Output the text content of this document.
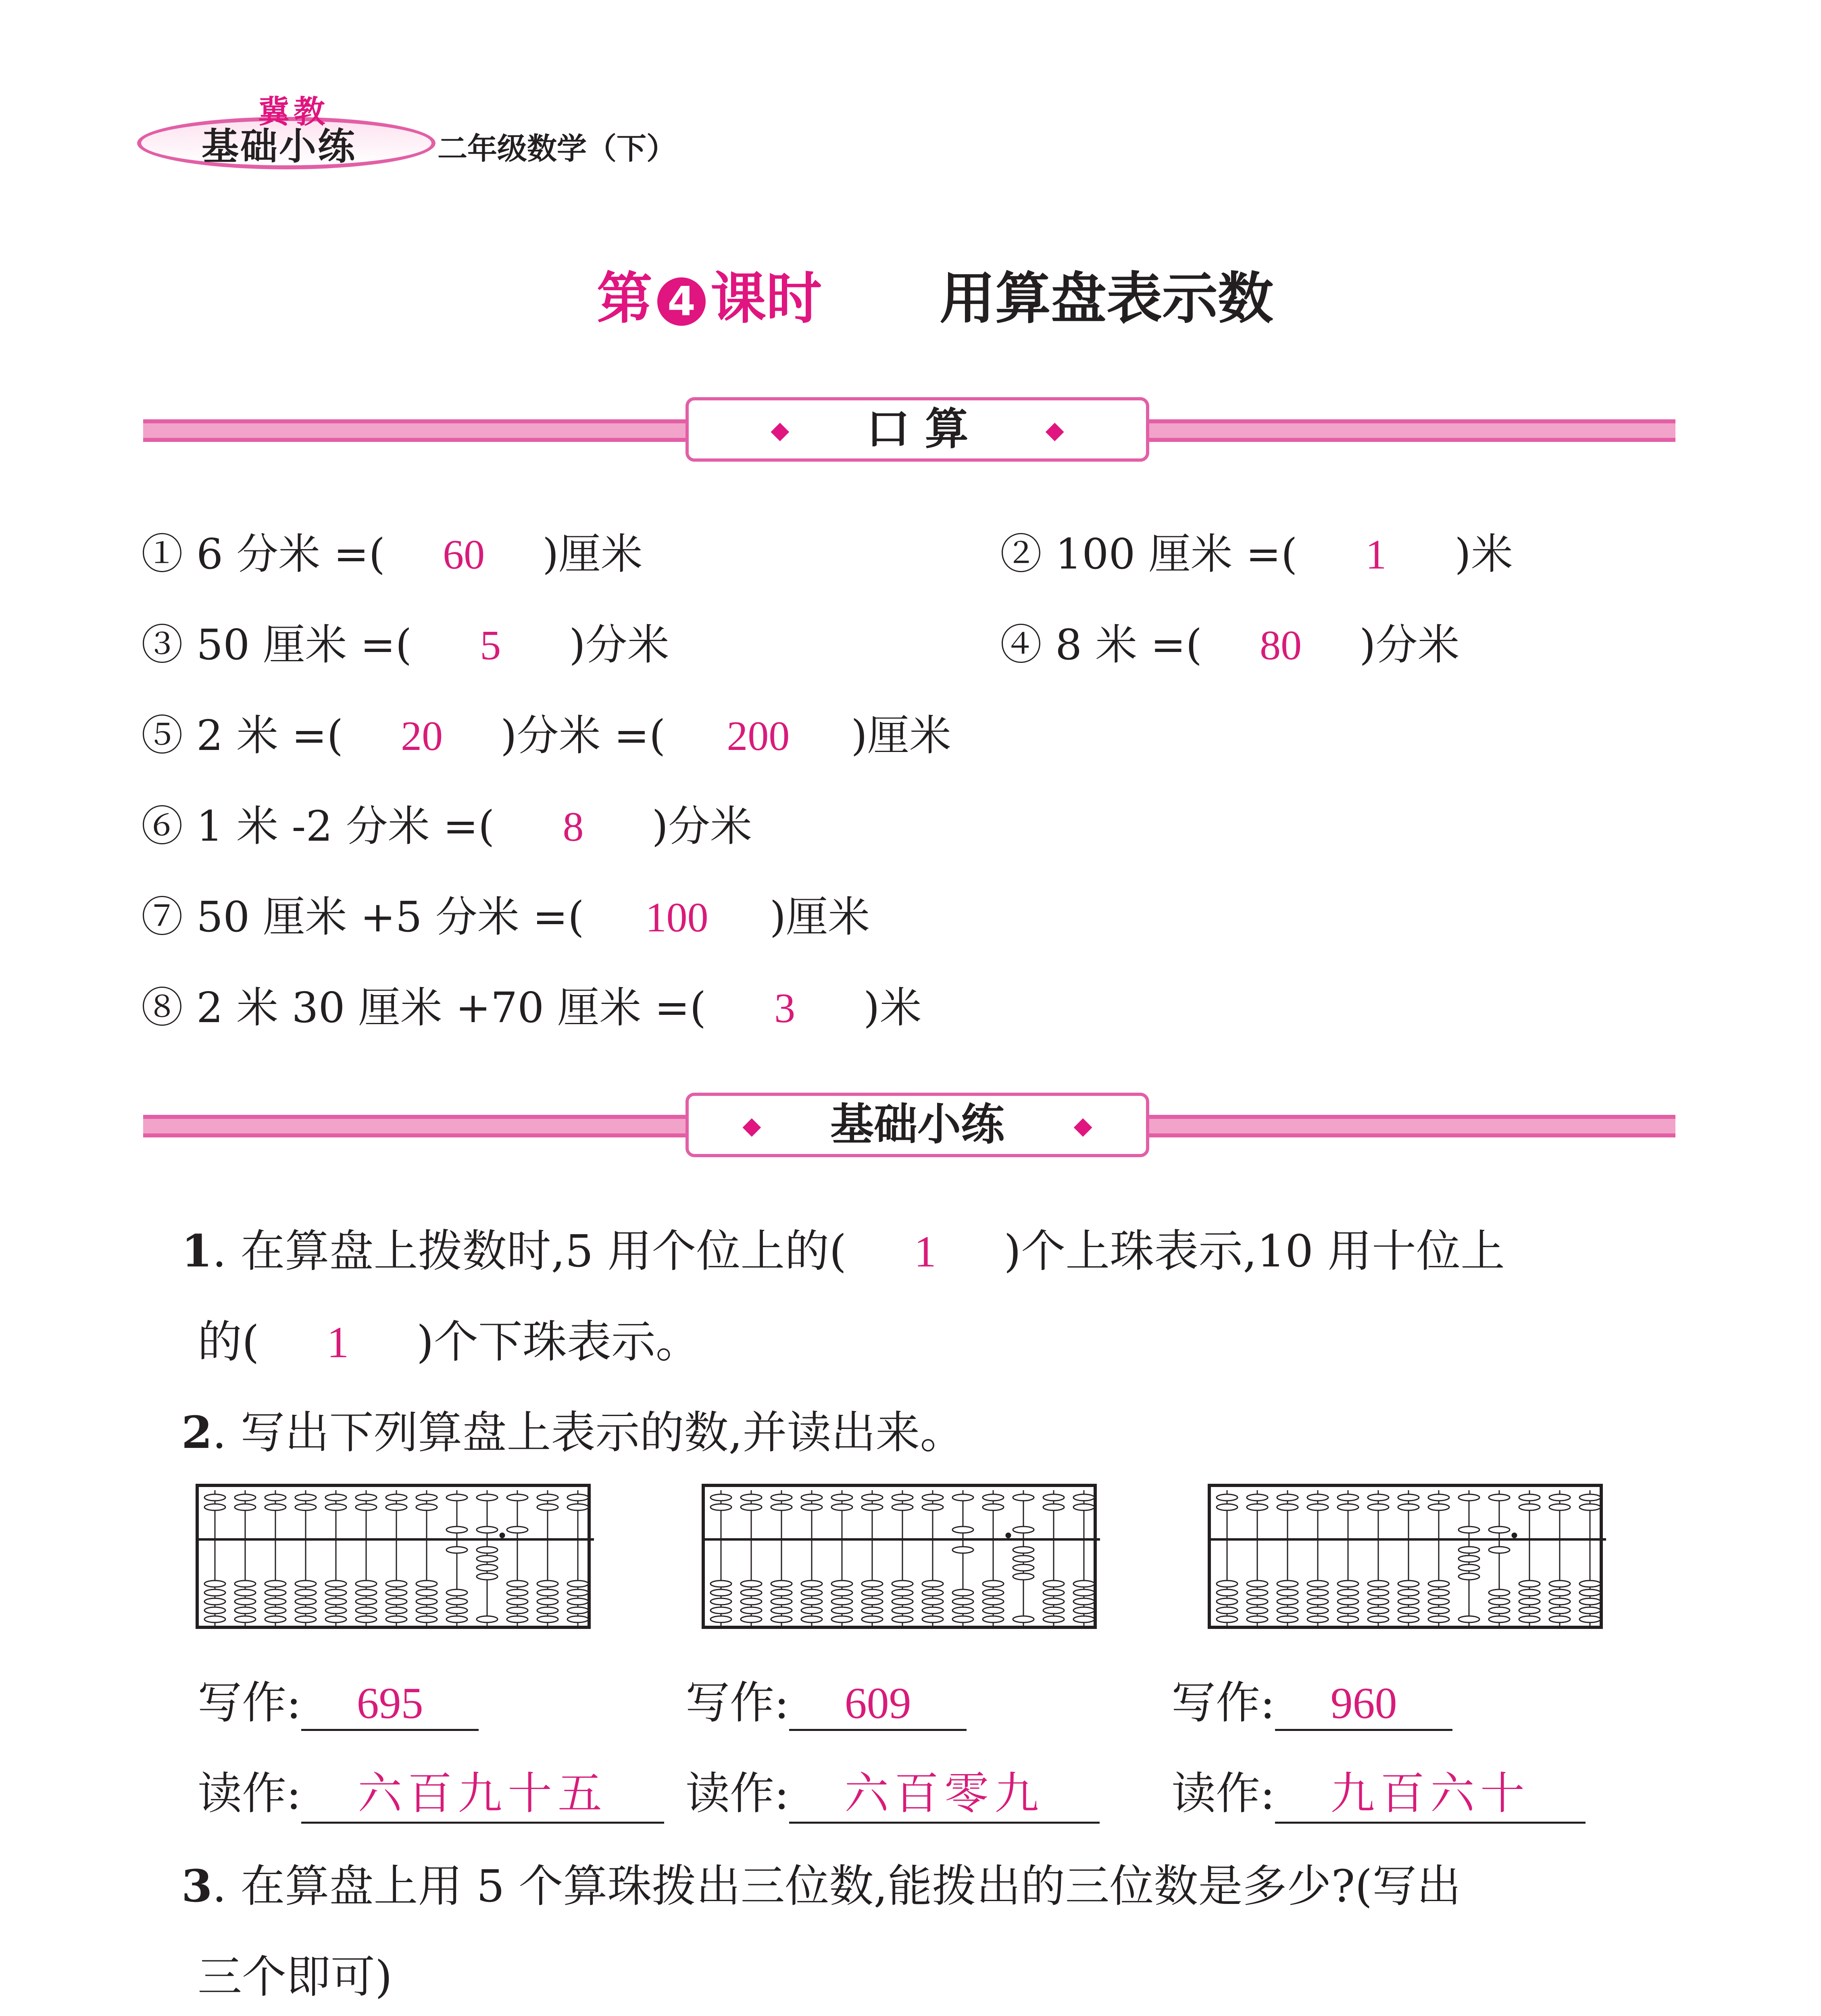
冀教
基础小练	二年级数学（下）
第 4 课时 用算盘表示数
◆ 口 算	◆
① 6 分米 =( 60 )厘米	② 100 厘米 =( 1 )米
③ 50 厘米 =( 5 )分米	④ 8 米 =( 80 )分米
⑤ 2 米 =( 20 )分米 =( 200 )厘米
⑥ 1 米 -2 分米 =( 8 )分米
⑦ 50 厘米 +5 分米 =( 100 )厘米
⑧ 2 米 30 厘米 +70 厘米 =( 3 )米
◆ 基础小练	◆
1. 在算盘上拨数时,5 用个位上的( 1 )个上珠表示,10 用十位上
的( 1 )个下珠表示。
2. 写出下列算盘上表示的数,并读出来。
写作: 695	写作: 609	写作: 960
读作: 六百九十五	读作: 六百零九	读作: 九百六十
3. 在算盘上用 5 个算珠拨出三位数,能拨出的三位数是多少?(写出
三个即可)
